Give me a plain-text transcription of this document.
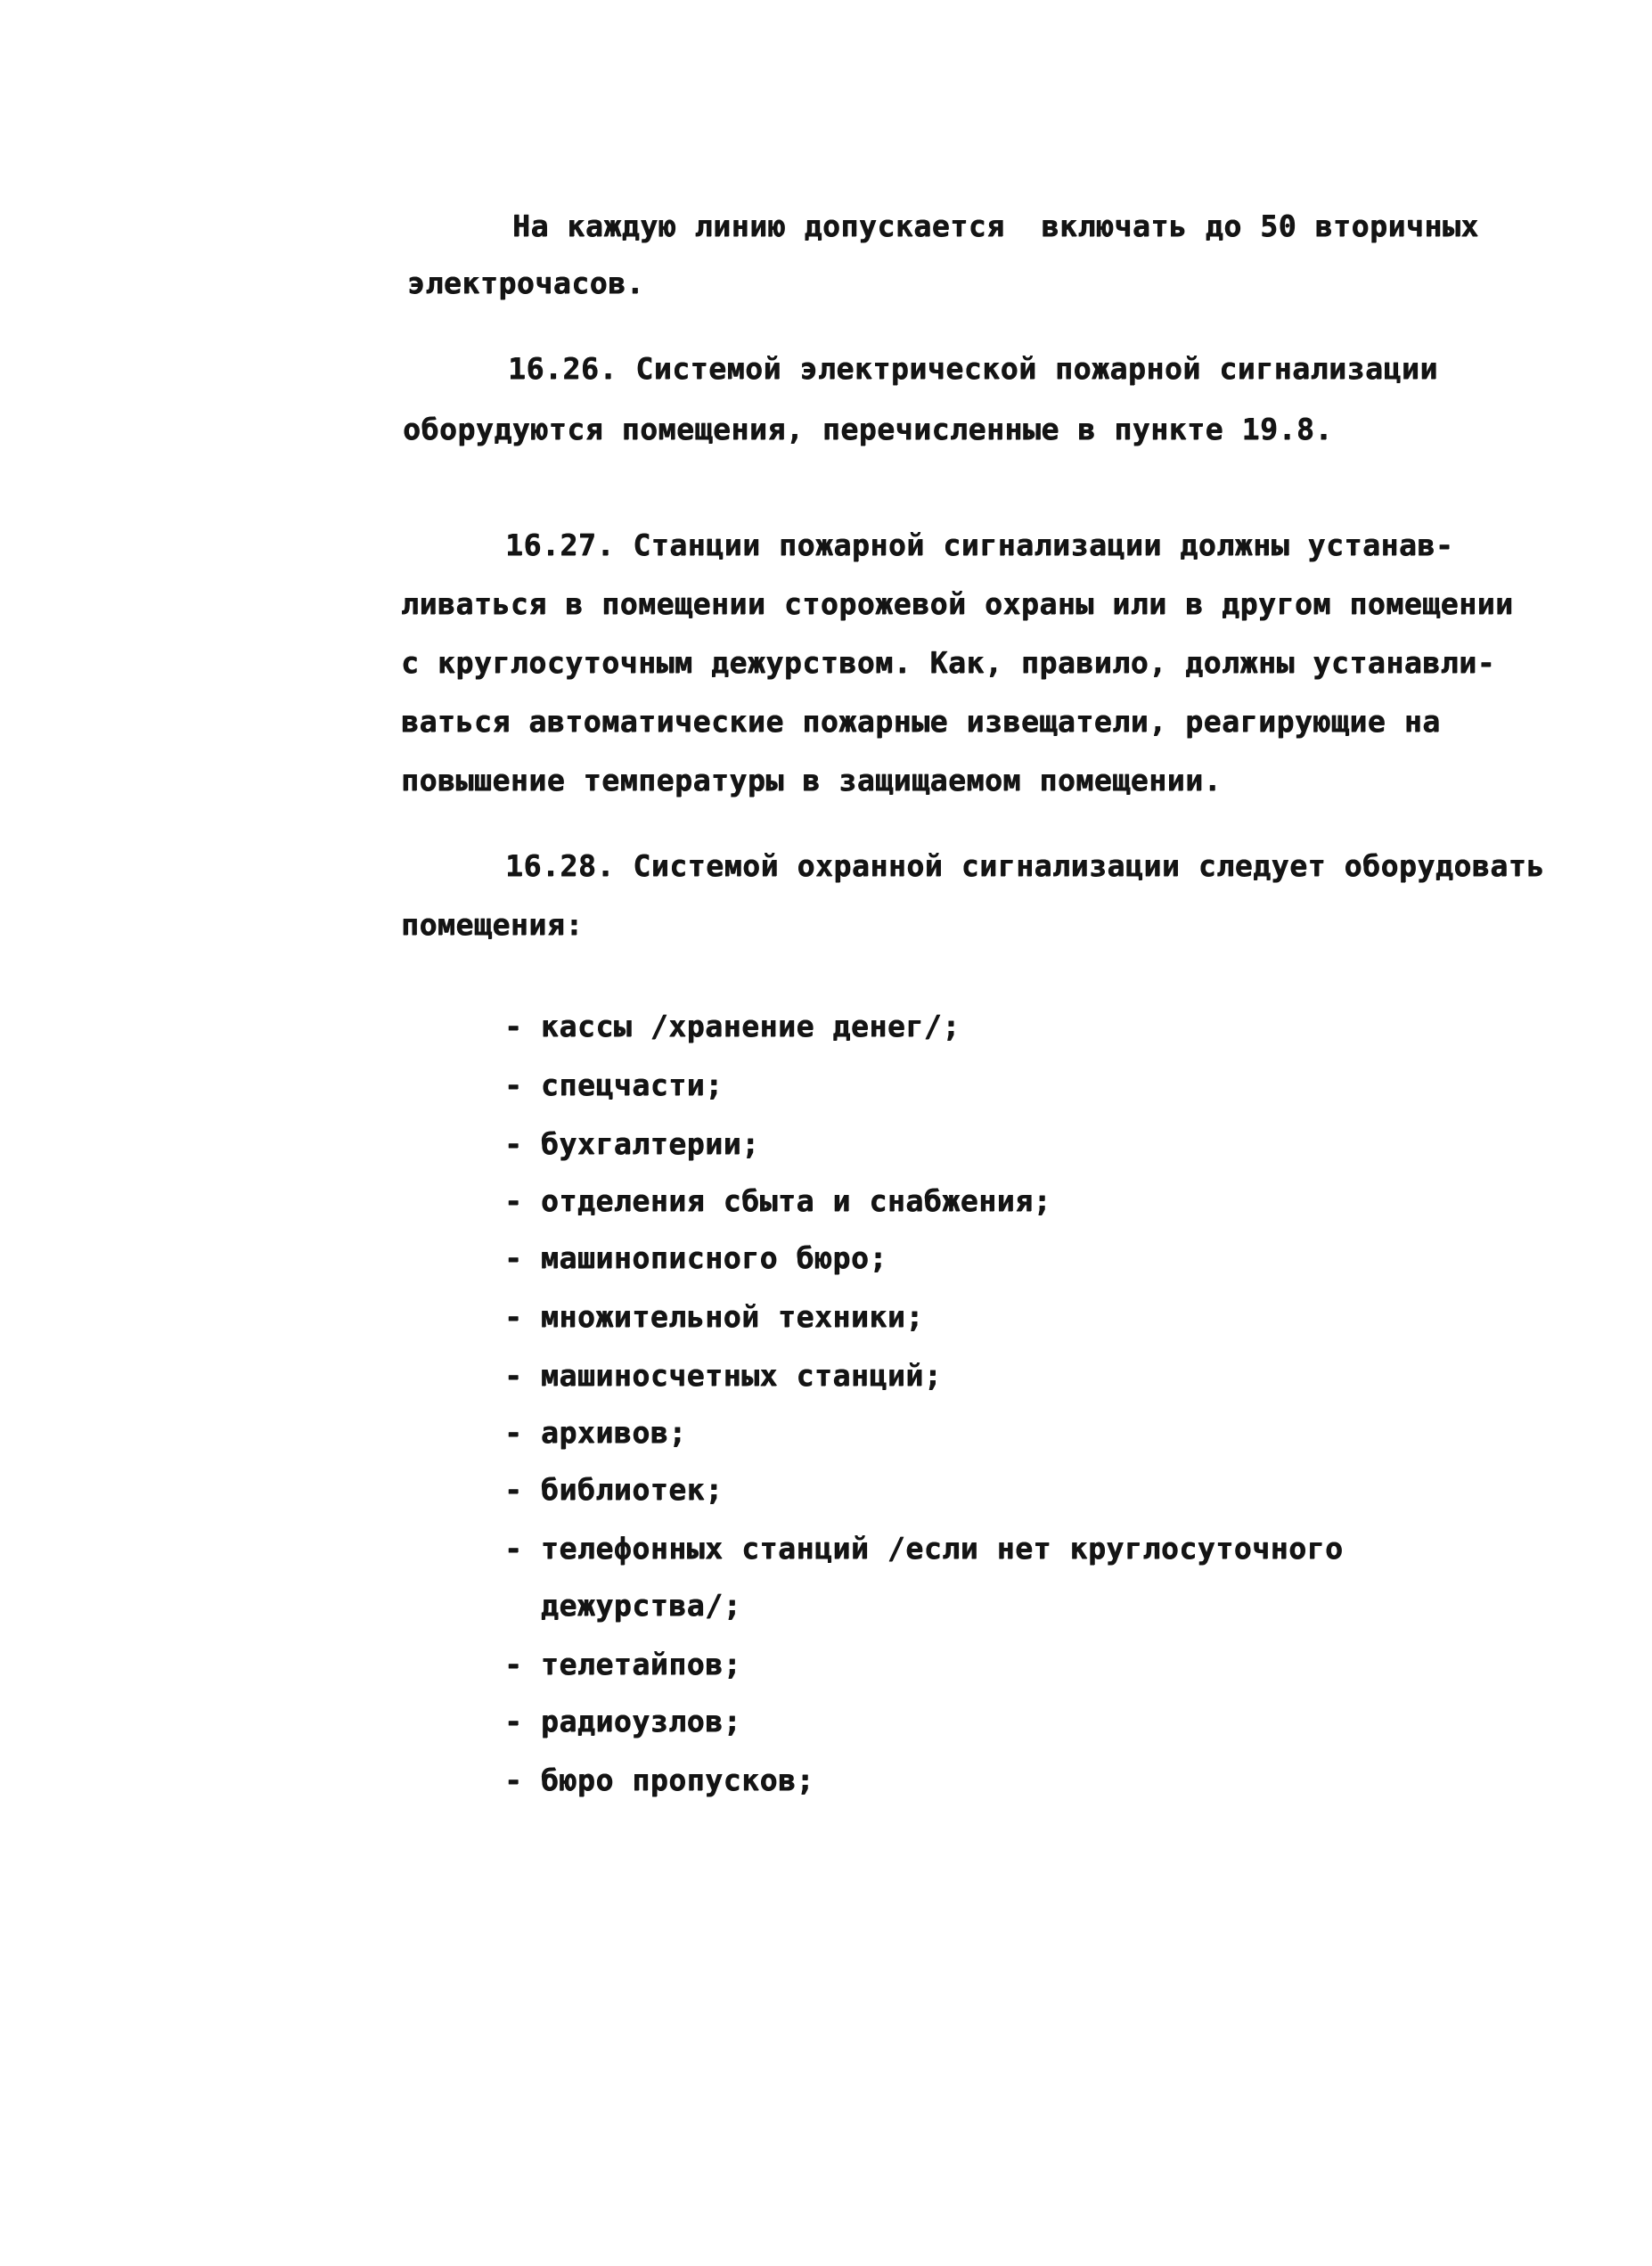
На каждую линию допускается  включать до 50 вторичных
электрочасов.
16.26. Системой электрической пожарной сигнализации
оборудуются помещения, перечисленные в пункте 19.8.
16.27. Станции пожарной сигнализации должны устанав-
ливаться в помещении сторожевой охраны или в другом помещении
с круглосуточным дежурством. Как, правило, должны устанавли-
ваться автоматические пожарные извещатели, реагирующие на
повышение температуры в защищаемом помещении.
16.28. Системой охранной сигнализации следует оборудовать
помещения:
- кассы /хранение денег/;
- спецчасти;
- бухгалтерии;
- отделения сбыта и снабжения;
- машинописного бюро;
- множительной техники;
- машиносчетных станций;
- архивов;
- библиотек;
- телефонных станций /если нет круглосуточного
дежурства/;
- телетайпов;
- радиоузлов;
- бюро пропусков;
